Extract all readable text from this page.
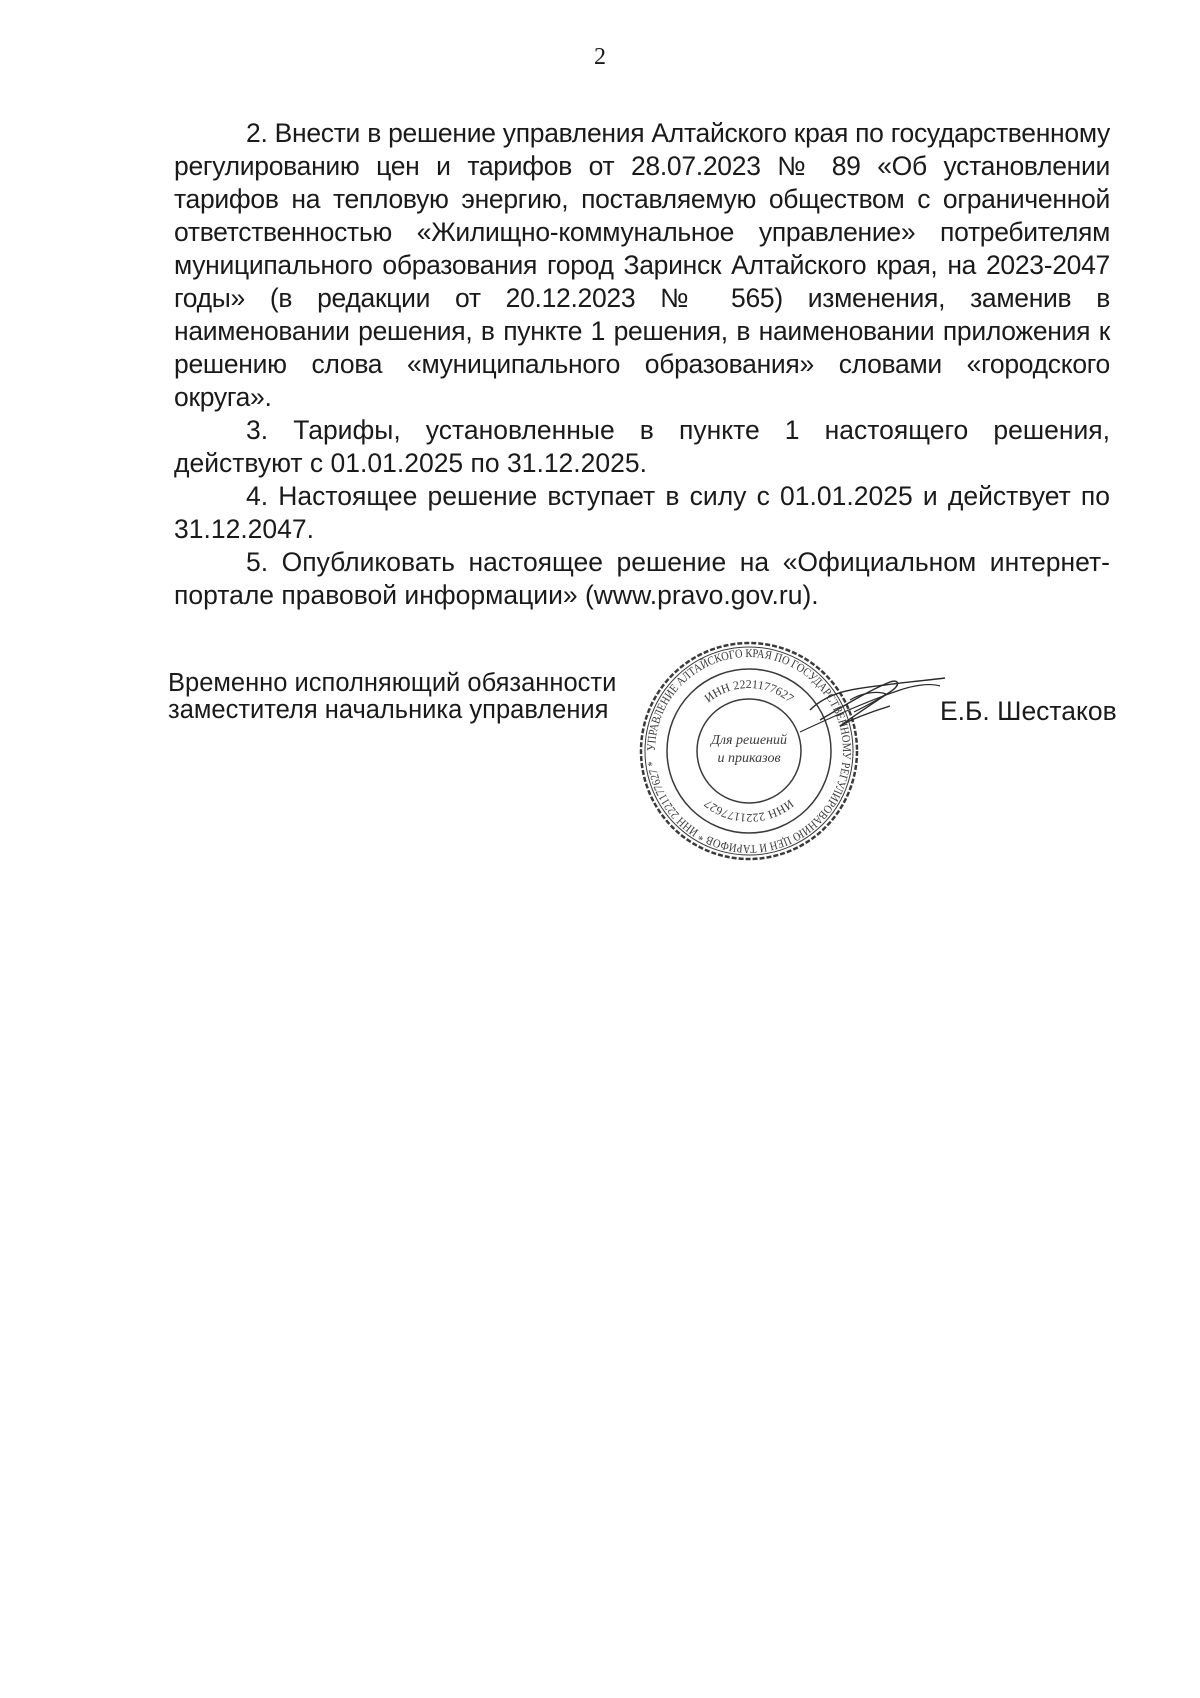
2

2. Внести в решение управления Алтайского края по государственному регулированию цен и тарифов от 28.07.2023 № 89 «Об установлении тарифов на тепловую энергию, поставляемую обществом с ограниченной ответственностью «Жилищно-коммунальное управление» потребителям муниципального образования город Заринск Алтайского края, на 2023-2047 годы» (в редакции от 20.12.2023 № 565) изменения, заменив в наименовании решения, в пункте 1 решения, в наименовании приложения к решению слова «муниципального образования» словами «городского округа».

3. Тарифы, установленные в пункте 1 настоящего решения, действуют с 01.01.2025 по 31.12.2025.

4. Настоящее решение вступает в силу с 01.01.2025 и действует по 31.12.2047.

5. Опубликовать настоящее решение на «Официальном интернет-портале правовой информации» (www.pravo.gov.ru).

Временно исполняющий обязанности
заместителя начальника управления
УПРАВЛЕНИЕ АЛТАЙСКОГО КРАЯ ПО ГОСУДАРСТВЕННОМУ РЕГУЛИРОВАНИЮ ЦЕН И ТАРИФОВ * ИНН 2221177627 *
ИНН 2221177627
ИНН 2221177627
Для решений
и приказов
Е.Б. Шестаков
